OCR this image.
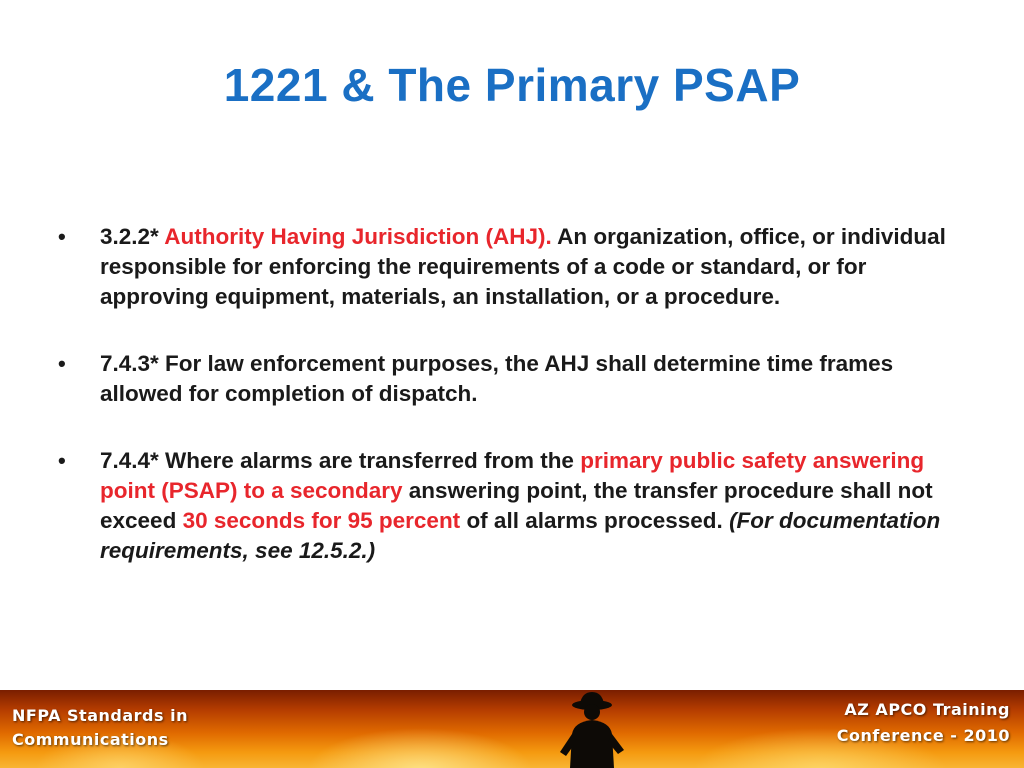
1221 & The Primary PSAP
• 3.2.2* Authority Having Jurisdiction (AHJ). An organization, office, or individual responsible for enforcing the requirements of a code or standard, or for approving equipment, materials, an installation, or a procedure.
• 7.4.3* For law enforcement purposes, the AHJ shall determine time frames allowed for completion of dispatch.
• 7.4.4* Where alarms are transferred from the primary public safety answering point (PSAP) to a secondary answering point, the transfer procedure shall not exceed 30 seconds for 95 percent of all alarms processed. (For documentation requirements, see 12.5.2.)
NFPA Standards in
Communications
AZ APCO Training
Conference - 2010
